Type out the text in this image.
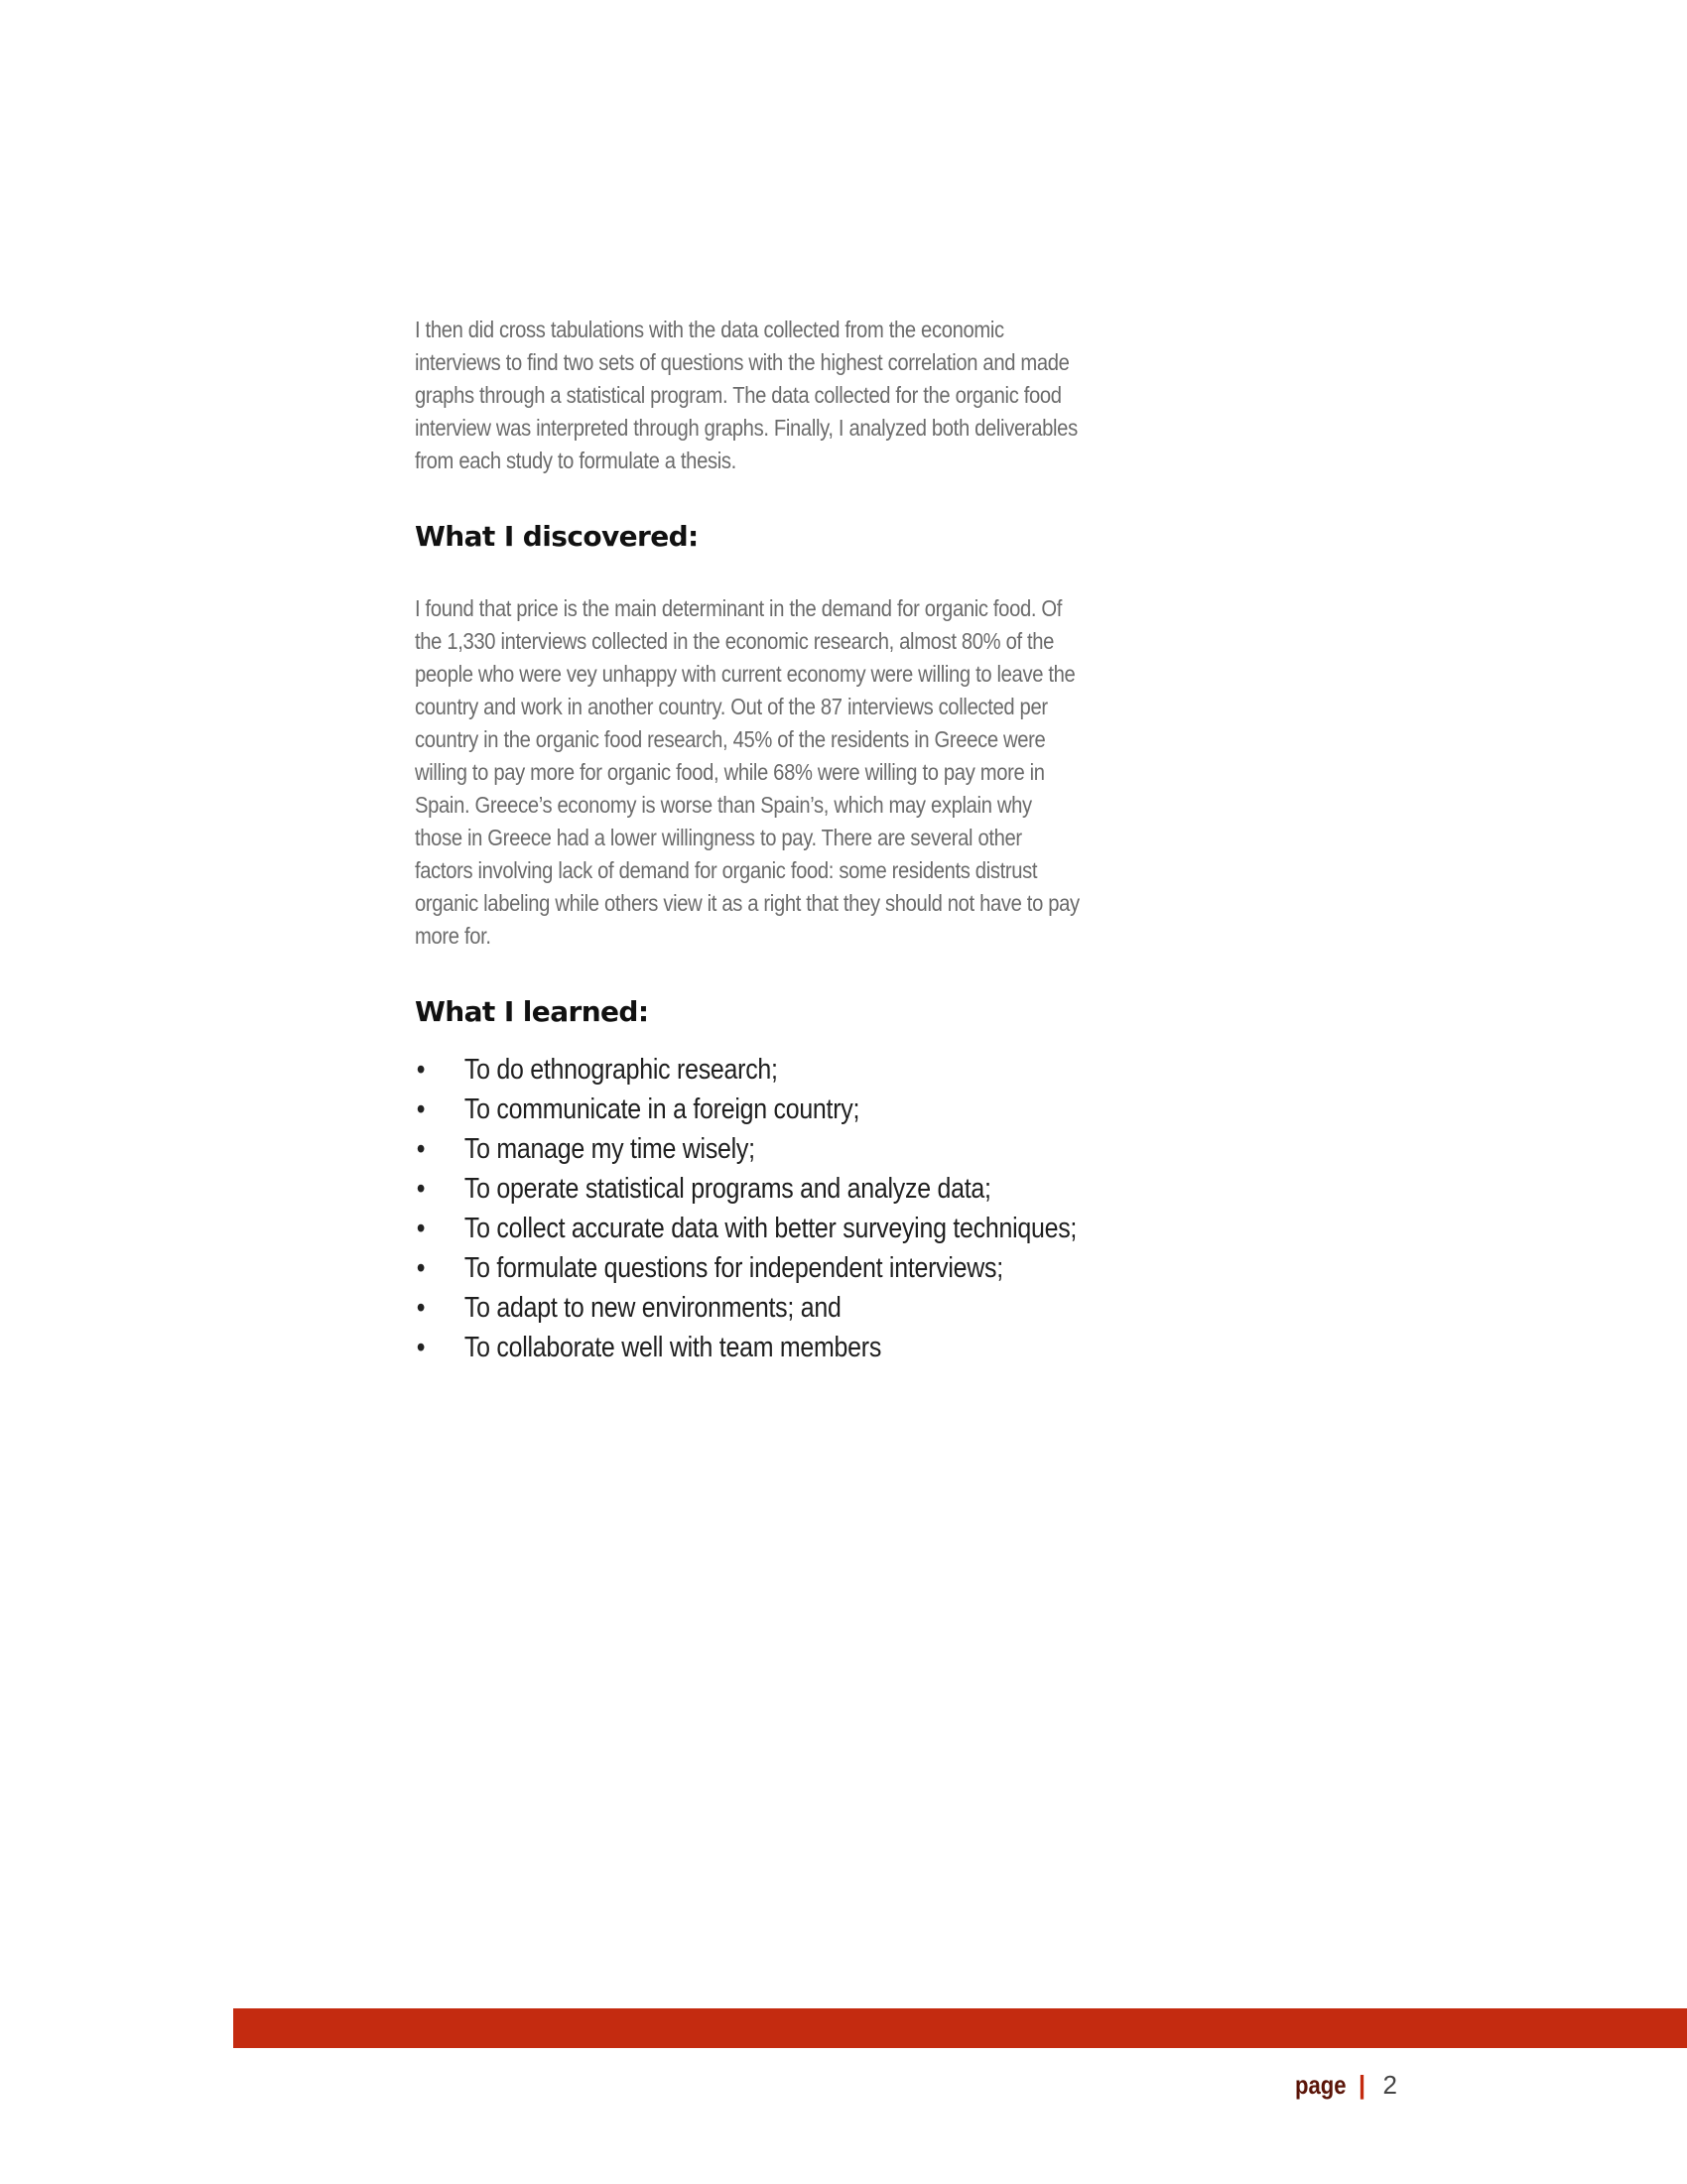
I then did cross tabulations with the data collected from the economic interviews to find two sets of questions with the highest correlation and made graphs through a statistical program. The data collected for the organic food interview was interpreted through graphs. Finally, I analyzed both deliverables from each study to formulate a thesis.

What I discovered:

I found that price is the main determinant in the demand for organic food. Of the 1,330 interviews collected in the economic research, almost 80% of the people who were vey unhappy with current economy were willing to leave the country and work in another country. Out of the 87 interviews collected per country in the organic food research, 45% of the residents in Greece were willing to pay more for organic food, while 68% were willing to pay more in Spain. Greece’s economy is worse than Spain’s, which may explain why those in Greece had a lower willingness to pay. There are several other factors involving lack of demand for organic food: some residents distrust organic labeling while others view it as a right that they should not have to pay more for.

What I learned:
• To do ethnographic research;
• To communicate in a foreign country;
• To manage my time wisely;
• To operate statistical programs and analyze data;
• To collect accurate data with better surveying techniques;
• To formulate questions for independent interviews;
• To adapt to new environments; and
• To collaborate well with team members
page | 2
